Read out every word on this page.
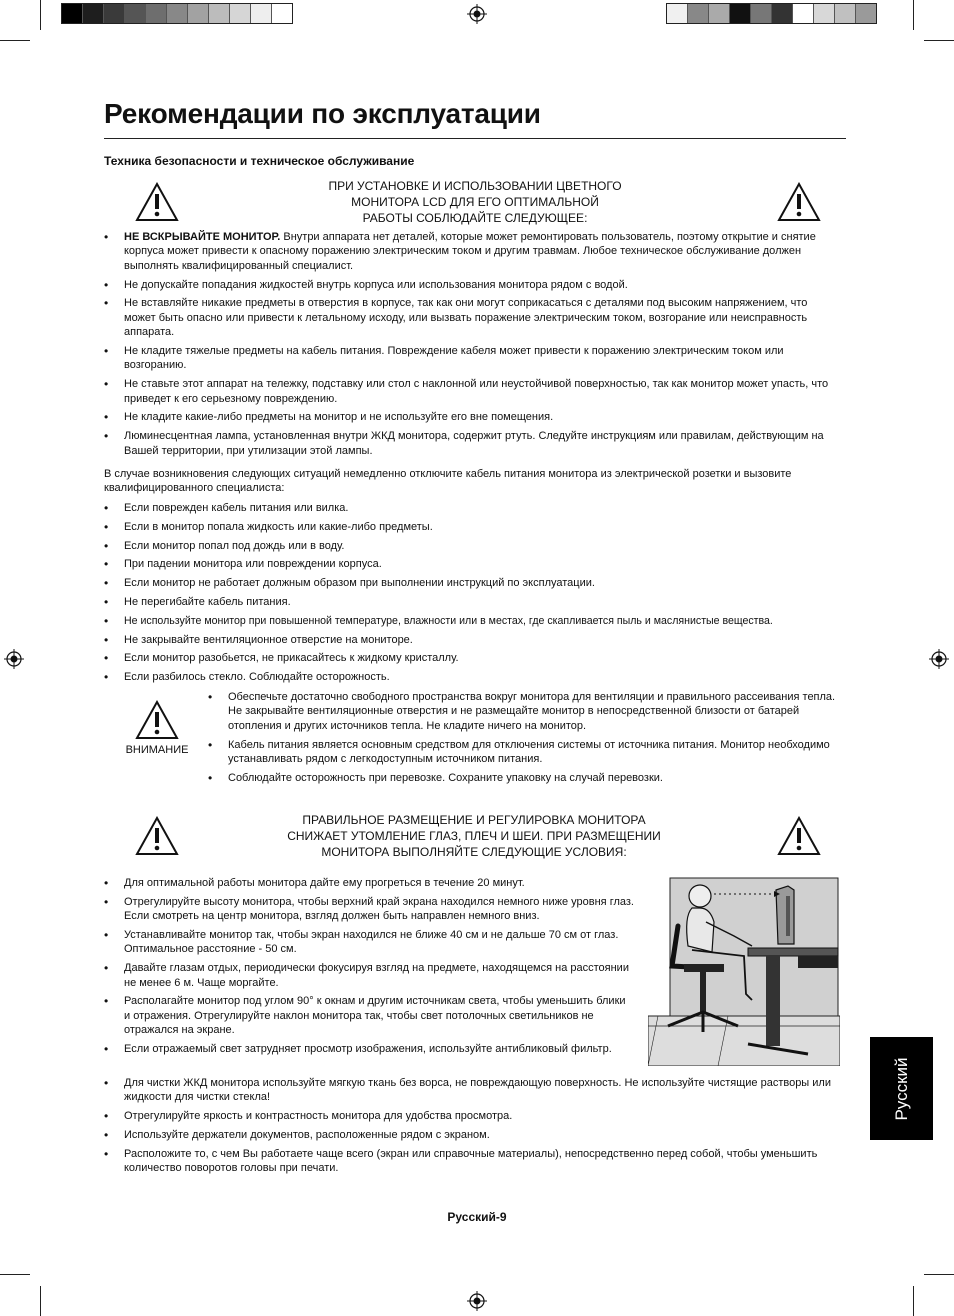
Рекомендации по эксплуатации
Техника безопасности и техническое обслуживание
ПРИ УСТАНОВКЕ И ИСПОЛЬЗОВАНИИ ЦВЕТНОГО
МОНИТОРА LCD ДЛЯ ЕГО ОПТИМАЛЬНОЙ
РАБОТЫ СОБЛЮДАЙТЕ СЛЕДУЮЩЕЕ:
• НЕ ВСКРЫВАЙТЕ МОНИТОР. Внутри аппарата нет деталей, которые может ремонтировать пользователь, поэтому открытие и снятие корпуса может привести к опасному поражению электрическим током и другим травмам. Любое техническое обслуживание должен выполнять квалифицированный специалист.
• Не допускайте попадания жидкостей внутрь корпуса или использования монитора рядом с водой.
• Не вставляйте никакие предметы в отверстия в корпусе, так как они могут соприкасаться с деталями под высоким напряжением, что может быть опасно или привести к летальному исходу, или вызвать поражение электрическим током, возгорание или неисправность аппарата.
• Не кладите тяжелые предметы на кабель питания. Повреждение кабеля может привести к поражению электрическим током или возгоранию.
• Не ставьте этот аппарат на тележку, подставку или стол с наклонной или неустойчивой поверхностью, так как монитор может упасть, что приведет к его серьезному повреждению.
• Не кладите какие-либо предметы на монитор и не используйте его вне помещения.
• Люминесцентная лампа, установленная внутри ЖКД монитора, содержит ртуть. Следуйте инструкциям или правилам, действующим на Вашей территории, при утилизации этой лампы.
В случае возникновения следующих ситуаций немедленно отключите кабель питания монитора из электрической розетки и вызовите квалифицированного специалиста:
• Если поврежден кабель питания или вилка.
• Если в монитор попала жидкость или какие-либо предметы.
• Если монитор попал под дождь или в воду.
• При падении монитора или повреждении корпуса.
• Если монитор не работает должным образом при выполнении инструкций по эксплуатации.
• Не перегибайте кабель питания.
• Не используйте монитор при повышенной температуре, влажности или в местах, где скапливается пыль и маслянистые вещества.
• Не закрывайте вентиляционное отверстие на мониторе.
• Если монитор разобьется, не прикасайтесь к жидкому кристаллу.
• Если разбилось стекло. Соблюдайте осторожность.
ВНИМАНИЕ
• Обеспечьте достаточно свободного пространства вокруг монитора для вентиляции и правильного рассеивания тепла. Не закрывайте вентиляционные отверстия и не размещайте монитор в непосредственной близости от батарей отопления и других источников тепла. Не кладите ничего на монитор.
• Кабель питания является основным средством для отключения системы от источника питания. Монитор необходимо устанавливать рядом с легкодоступным источником питания.
• Соблюдайте осторожность при перевозке. Сохраните упаковку на случай перевозки.
ПРАВИЛЬНОЕ РАЗМЕЩЕНИЕ И РЕГУЛИРОВКА МОНИТОРА
СНИЖАЕТ УТОМЛЕНИЕ ГЛАЗ, ПЛЕЧ И ШЕИ. ПРИ РАЗМЕЩЕНИИ
МОНИТОРА ВЫПОЛНЯЙТЕ СЛЕДУЮЩИЕ УСЛОВИЯ:
• Для оптимальной работы монитора дайте ему прогреться в течение 20 минут.
• Отрегулируйте высоту монитора, чтобы верхний край экрана находился немного ниже уровня глаз. Если смотреть на центр монитора, взгляд должен быть направлен немного вниз.
• Устанавливайте монитор так, чтобы экран находился не ближе 40 см и не дальше 70 см от глаз. Оптимальное расстояние - 50 см.
• Давайте глазам отдых, периодически фокусируя взгляд на предмете, находящемся на расстоянии не менее 6 м. Чаще моргайте.
• Располагайте монитор под углом 90° к окнам и другим источникам света, чтобы уменьшить блики и отражения. Отрегулируйте наклон монитора так, чтобы свет потолочных светильников не отражался на экране.
• Если отражаемый свет затрудняет просмотр изображения, используйте антибликовый фильтр.
• Для чистки ЖКД монитора используйте мягкую ткань без ворса, не повреждающую поверхность. Не используйте чистящие растворы или жидкости для чистки стекла!
• Отрегулируйте яркость и контрастность монитора для удобства просмотра.
• Используйте держатели документов, расположенные рядом с экраном.
• Расположите то, с чем Вы работаете чаще всего (экран или справочные материалы), непосредственно перед собой, чтобы уменьшить количество поворотов головы при печати.
Русский
Русский-9
